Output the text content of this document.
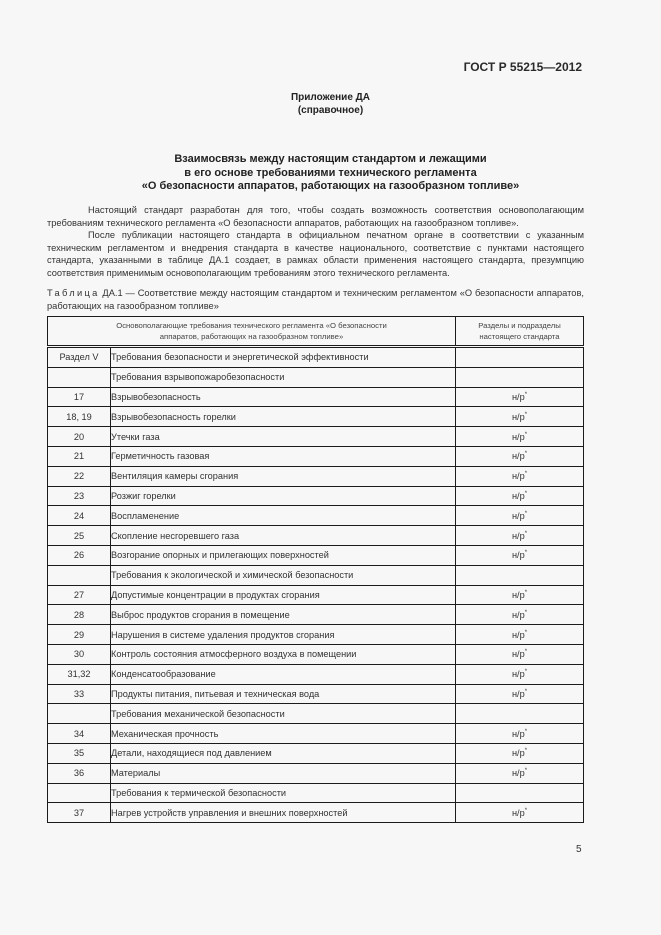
ГОСТ Р 55215—2012
Приложение ДА
(справочное)
Взаимосвязь между настоящим стандартом и лежащими
в его основе требованиями технического регламента
«О безопасности аппаратов, работающих на газообразном топливе»

Настоящий стандарт разработан для того, чтобы создать возможность соответствия основополагающим требованиям технического регламента «О безопасности аппаратов, работающих на газообразном топливе».

После публикации настоящего стандарта в официальном печатном органе в соответствии с указанным техническим регламентом и внедрения стандарта в качестве национального, соответствие с пунктами настоящего стандарта, указанными в таблице ДА.1 создает, в рамках области применения настоящего стандарта, презумпцию соответствия применимым основополагающим требованиям этого технического регламента.

Таблица ДА.1 — Соответствие между настоящим стандартом и техническим регламентом «О безопасности аппаратов, работающих на газообразном топливе»
Основополагающие требования технического регламента «О безопасности аппаратов, работающих на газообразном топливе»		Разделы и подразделы настоящего стандарта
Раздел V	Требования безопасности и энергетической эффективности	
	Требования взрывопожаробезопасности	
17	Взрывобезопасность	н/р*
18, 19	Взрывобезопасность горелки	н/р*
20	Утечки газа	н/р*
21	Герметичность газовая	н/р*
22	Вентиляция камеры сгорания	н/р*
23	Розжиг горелки	н/р*
24	Воспламенение	н/р*
25	Скопление несгоревшего газа	н/р*
26	Возгорание опорных и прилегающих поверхностей	н/р*
	Требования к экологической и химической безопасности	
27	Допустимые концентрации в продуктах сгорания	н/р*
28	Выброс продуктов сгорания в помещение	н/р*
29	Нарушения в системе удаления продуктов сгорания	н/р*
30	Контроль состояния атмосферного воздуха в помещении	н/р*
31,32	Конденсатообразование	н/р*
33	Продукты питания, питьевая и техническая вода	н/р*
	Требования механической безопасности	
34	Механическая прочность	н/р*
35	Детали, находящиеся под давлением	н/р*
36	Материалы	н/р*
	Требования к термической безопасности	
37	Нагрев устройств управления и внешних поверхностей	н/р*
5
